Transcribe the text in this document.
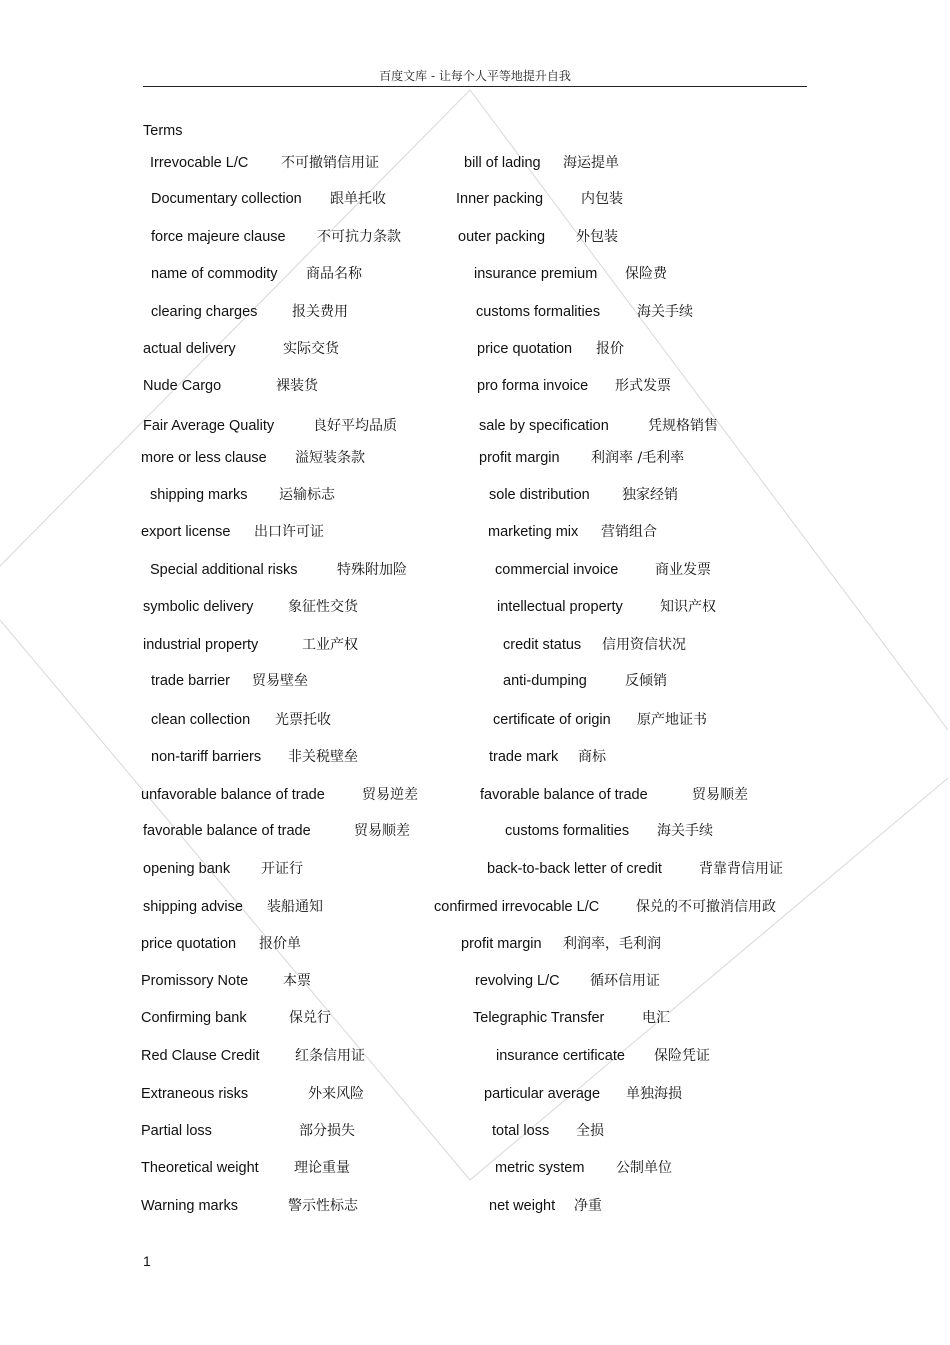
百度文库 - 让每个人平等地提升自我
Terms
Irrevocable L/C 不可撤销信用证	bill of lading 海运提单
Documentary collection 跟单托收	Inner packing	内包装
force majeure clause 不可抗力条款	outer packing 外包装
name of commodity 商品名称	insurance premium 保险费
clearing charges 报关费用	customs formalities	海关手续
actual delivery	实际交货	price quotation 报价
Nude Cargo	裸装货	pro forma invoice 形式发票
Fair Average Quality	良好平均品质	sale by specification	凭规格销售
more or less clause 溢短装条款	profit margin 利润率 /毛利率
shipping marks 运输标志	sole distribution 独家经销
export license 出口许可证	marketing mix 营销组合
Special additional risks	特殊附加险	commercial invoice	商业发票
symbolic delivery 象征性交货	intellectual property	知识产权
industrial property	工业产权	credit status 信用资信状况
trade barrier 贸易壁垒	anti-dumping	反倾销
clean collection 光票托收	certificate of origin 原产地证书
non-tariff barriers 非关税壁垒	trade mark 商标
unfavorable balance of trade	贸易逆差	favorable balance of trade	贸易顺差
favorable balance of trade	贸易顺差	customs formalities 海关手续
opening bank 开证行	back-to-back letter of credit	背靠背信用证
shipping advise 装船通知	confirmed irrevocable L/C	保兑的不可撤消信用政
price quotation 报价单	profit margin 利润率，毛利润
Promissory Note 本票	revolving L/C 循环信用证
Confirming bank	保兑行	Telegraphic Transfer	电汇
Red Clause Credit	红条信用证	insurance certificate 保险凭证
Extraneous risks	外来风险	particular average 单独海损
Partial loss	部分损失	total loss 全损
Theoretical weight	理论重量	metric system 公制单位
Warning marks	警示性标志	net weight 净重
1
